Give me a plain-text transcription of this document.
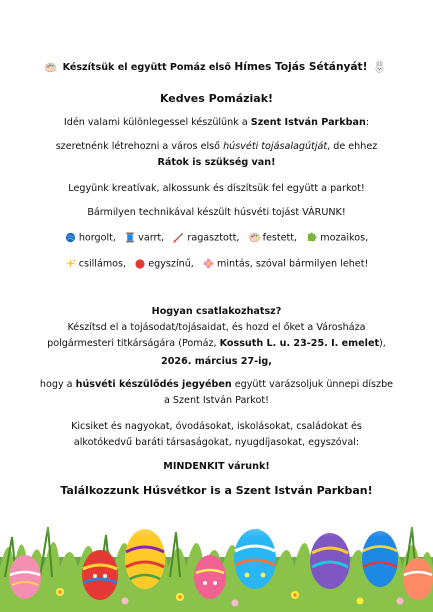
Készítsük el együtt Pomáz első Hímes Tojás Sétányát!
Kedves Pomáziak!
Idén valami különlegessel készülünk a Szent István Parkban:
szeretnénk létrehozni a város első húsvéti tojásalagútját, de ehhez
Rátok is szükség van!
Legyünk kreatívak, alkossunk és díszítsük fel együtt a parkot!
Bármilyen technikával készült húsvéti tojást VÁRUNK!
horgolt, varrt, ragasztott, festett, mozaikos,
csillámos, egyszínű, mintás, szóval bármilyen lehet!
Hogyan csatlakozhatsz?
Készítsd el a tojásodat/tojásaidat, és hozd el őket a Városháza
polgármesteri titkárságára (Pomáz, Kossuth L. u. 23-25. I. emelet),
2026. március 27-ig,
hogy a húsvéti készülődés jegyében együtt varázsoljuk ünnepi díszbe
a Szent István Parkot!
Kicsiket és nagyokat, óvodásokat, iskolásokat, családokat és
alkotókedvű baráti társaságokat, nyugdíjasokat, egyszóval:
MINDENKIT várunk!
Találkozzunk Húsvétkor is a Szent István Parkban!
